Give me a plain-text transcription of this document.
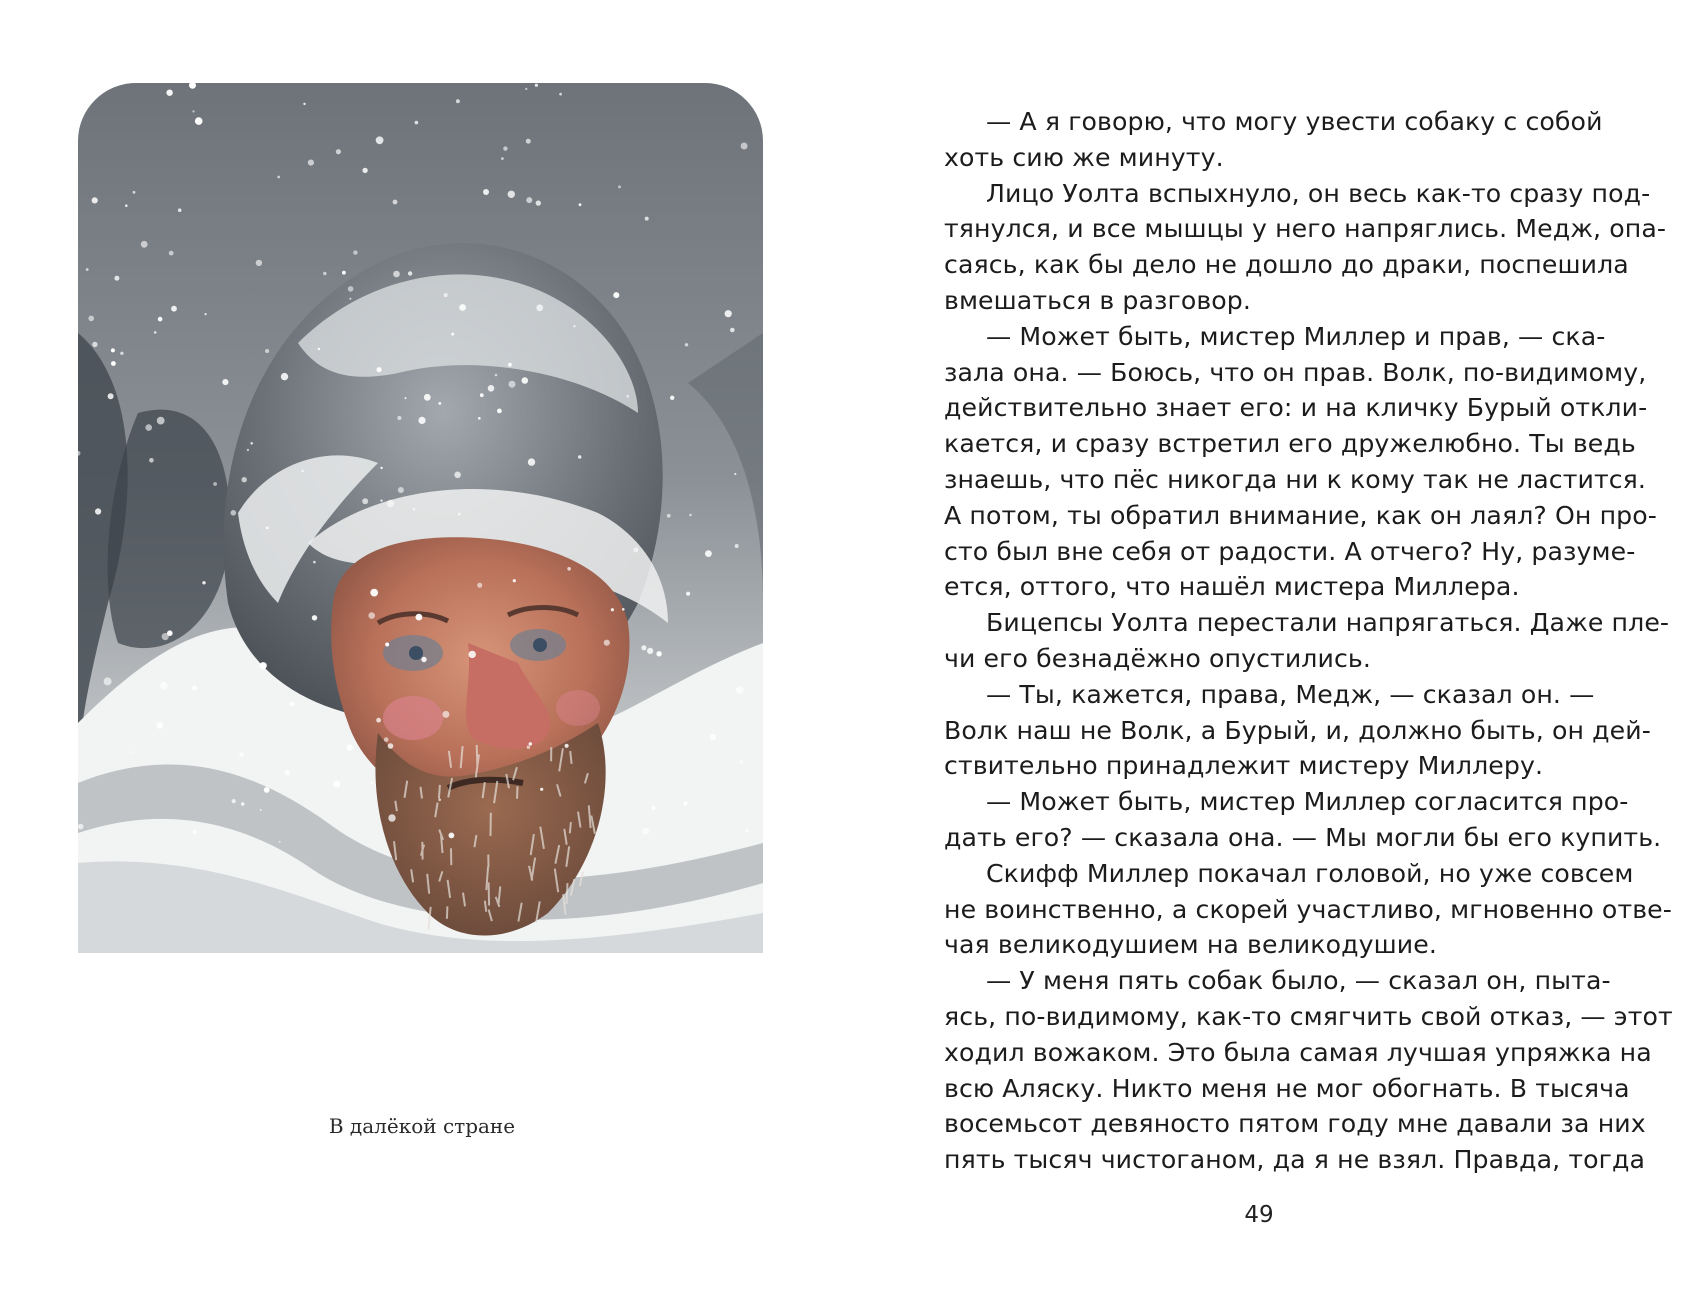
В далёкой стране
— А я говорю, что могу увести собаку с собой
хоть сию же минуту.
Лицо Уолта вспыхнуло, он весь как-то сразу под-
тянулся, и все мышцы у него напряглись. Медж, опа-
саясь, как бы дело не дошло до драки, поспешила
вмешаться в разговор.
— Может быть, мистер Миллер и прав, — ска-
зала она. — Боюсь, что он прав. Волк, по-видимому,
действительно знает его: и на кличку Бурый откли-
кается, и сразу встретил его дружелюбно. Ты ведь
знаешь, что пёс никогда ни к кому так не ластится.
А потом, ты обратил внимание, как он лаял? Он про-
сто был вне себя от радости. А отчего? Ну, разуме-
ется, оттого, что нашёл мистера Миллера.
Бицепсы Уолта перестали напрягаться. Даже пле-
чи его безнадёжно опустились.
— Ты, кажется, права, Медж, — сказал он. —
Волк наш не Волк, а Бурый, и, должно быть, он дей-
ствительно принадлежит мистеру Миллеру.
— Может быть, мистер Миллер согласится про-
дать его? — сказала она. — Мы могли бы его купить.
Скифф Миллер покачал головой, но уже совсем
не воинственно, а скорей участливо, мгновенно отве-
чая великодушием на великодушие.
— У меня пять собак было, — сказал он, пыта-
ясь, по-видимому, как-то смягчить свой отказ, — этот
ходил вожаком. Это была самая лучшая упряжка на
всю Аляску. Никто меня не мог обогнать. В тысяча
восемьсот девяносто пятом году мне давали за них
пять тысяч чистоганом, да я не взял. Правда, тогда
49
